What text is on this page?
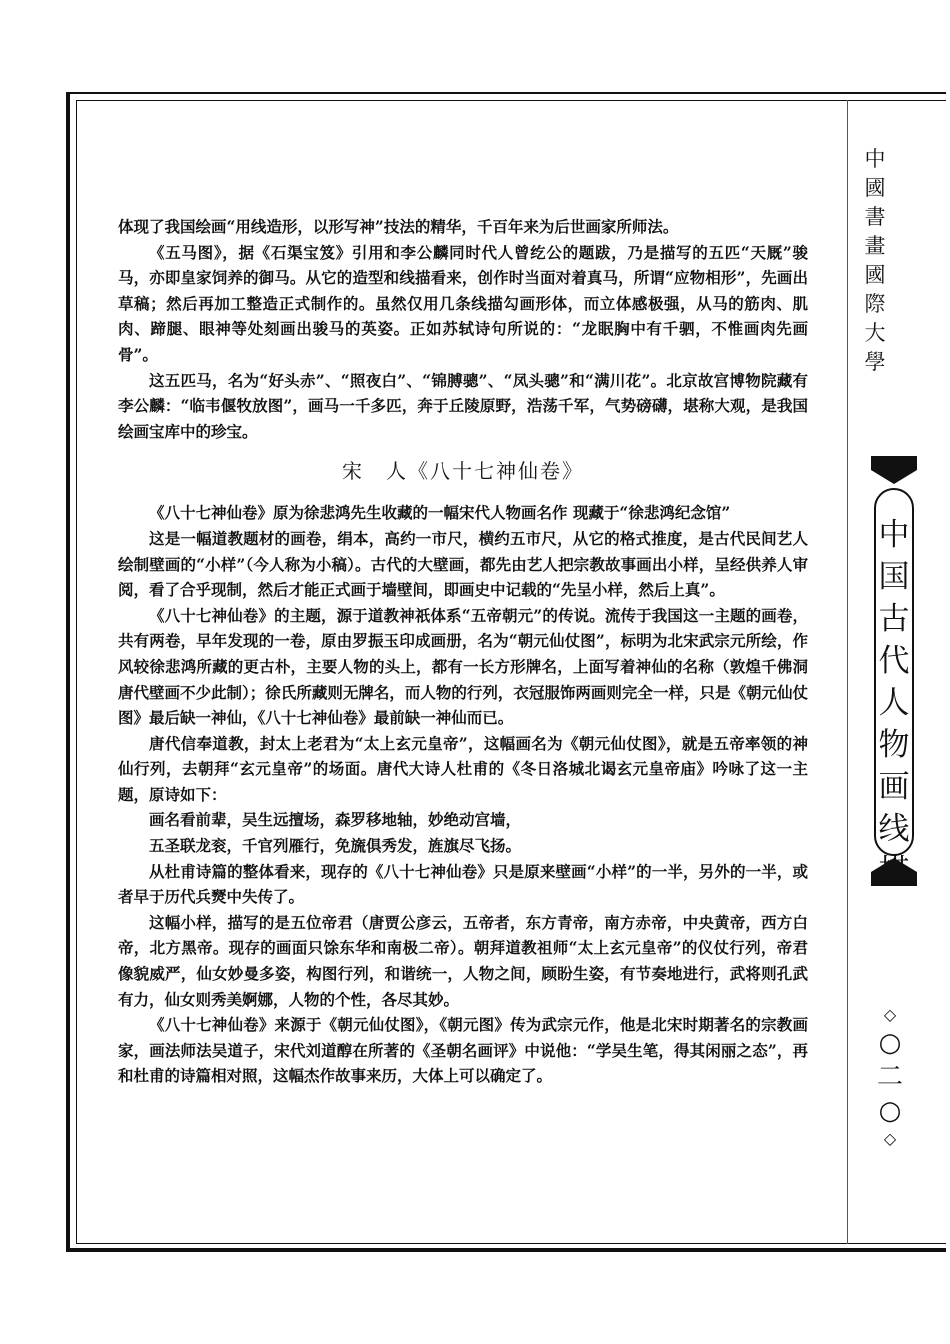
体现了我国绘画“用线造形，以形写神”技法的精华，千百年来为后世画家所师法。

《五马图》，据《石渠宝笈》引用和李公麟同时代人曾纥公的题跋，乃是描写的五匹“天厩”骏马，亦即皇家饲养的御马。从它的造型和线描看来，创作时当面对着真马，所谓“应物相形”，先画出草稿；然后再加工整造正式制作的。虽然仅用几条线描勾画形体，而立体感极强，从马的筋肉、肌肉、蹄腿、眼神等处刻画出骏马的英姿。正如苏轼诗句所说的：“龙眠胸中有千驷，不惟画肉先画骨”。

这五匹马，名为“好头赤”、“照夜白”、“锦膊骢”、“凤头骢”和“满川花”。北京故宫博物院藏有李公麟：“临韦偃牧放图”，画马一千多匹，奔于丘陵原野，浩荡千军，气势磅礴，堪称大观，是我国绘画宝库中的珍宝。

宋　人《八十七神仙卷》

《八十七神仙卷》原为徐悲鸿先生收藏的一幅宋代人物画名作 现藏于“徐悲鸿纪念馆”

这是一幅道教题材的画卷，绢本，高约一市尺，横约五市尺，从它的格式推度，是古代民间艺人绘制壁画的“小样”（今人称为小稿）。古代的大壁画，都先由艺人把宗教故事画出小样，呈经供养人审阅，看了合乎现制，然后才能正式画于墙壁间，即画史中记载的“先呈小样，然后上真”。

《八十七神仙卷》的主题，源于道教神祇体系“五帝朝元”的传说。流传于我国这一主题的画卷，共有两卷，早年发现的一卷，原由罗振玉印成画册，名为“朝元仙仗图”，标明为北宋武宗元所绘，作风较徐悲鸿所藏的更古朴，主要人物的头上，都有一长方形牌名，上面写着神仙的名称（敦煌千佛洞唐代壁画不少此制）；徐氏所藏则无牌名，而人物的行列，衣冠服饰两画则完全一样，只是《朝元仙仗图》最后缺一神仙，《八十七神仙卷》最前缺一神仙而已。

唐代信奉道教，封太上老君为“太上玄元皇帝”，这幅画名为《朝元仙仗图》，就是五帝率领的神仙行列，去朝拜“玄元皇帝”的场面。唐代大诗人杜甫的《冬日洛城北谒玄元皇帝庙》吟咏了这一主题，原诗如下：

画名看前辈，吴生远擅场，森罗移地轴，妙绝动宫墙，

五圣联龙衮，千官列雁行，免旒俱秀发，旌旗尽飞扬。

从杜甫诗篇的整体看来，现存的《八十七神仙卷》只是原来壁画“小样”的一半，另外的一半，或者早于历代兵燹中失传了。

这幅小样，描写的是五位帝君（唐贾公彦云，五帝者，东方青帝，南方赤帝，中央黄帝，西方白帝，北方黑帝。现存的画面只馀东华和南极二帝）。朝拜道教祖师“太上玄元皇帝”的仪仗行列，帝君像貌威严，仙女妙曼多姿，构图行列，和谐统一，人物之间，顾盼生姿，有节奏地进行，武将则孔武有力，仙女则秀美婀娜，人物的个性，各尽其妙。

《八十七神仙卷》来源于《朝元仙仗图》，《朝元图》传为武宗元作，他是北宋时期著名的宗教画家，画法师法吴道子，宋代刘道醇在所著的《圣朝名画评》中说他：“学吴生笔，得其闲丽之态”，再和杜甫的诗篇相对照，这幅杰作故事来历，大体上可以确定了。

中
國
書
畫
國
際
大
學
中
国
古
代
人
物
画
线
◇
○
二
○
◇
